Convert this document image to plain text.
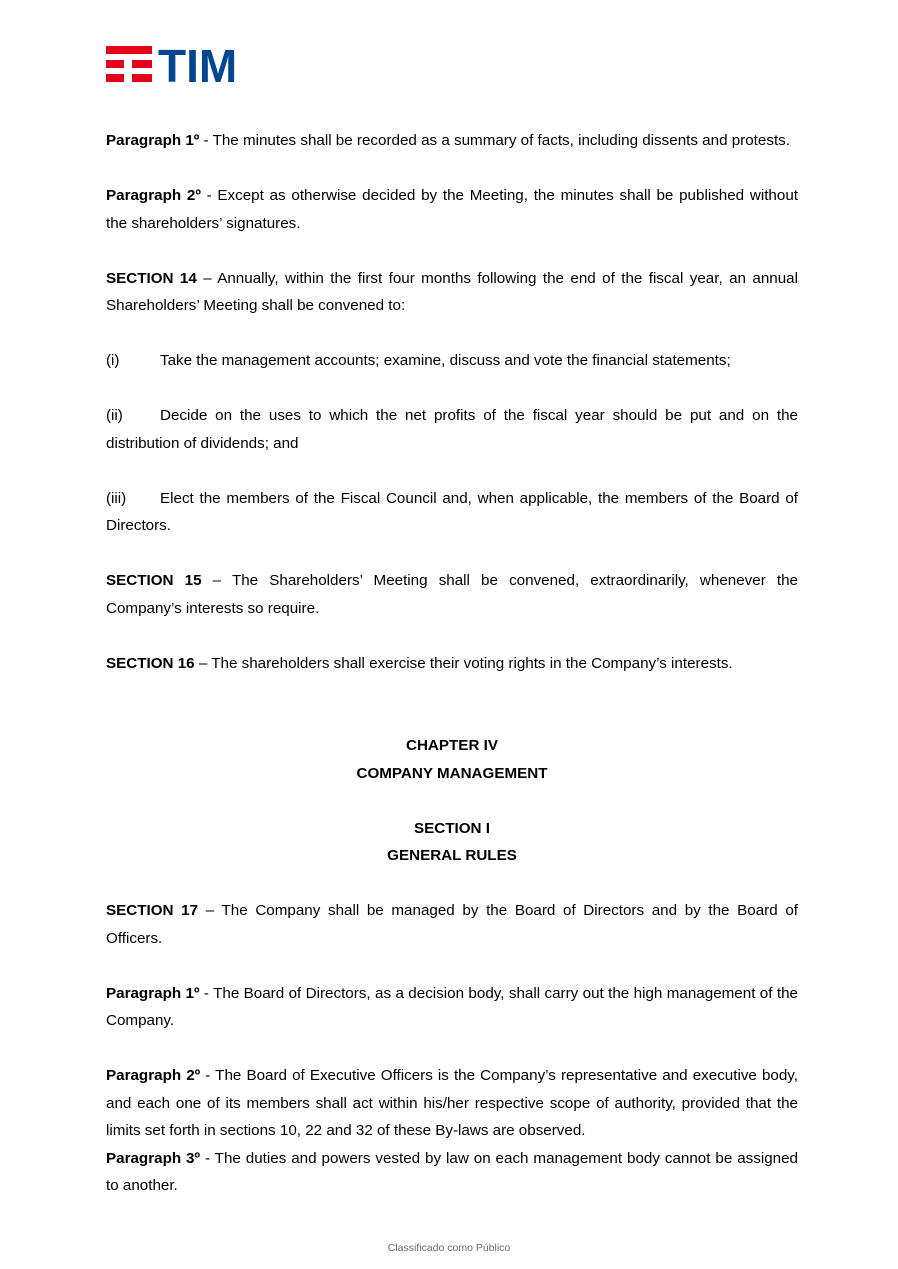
TIM

Paragraph 1º - The minutes shall be recorded as a summary of facts, including dissents and protests.

Paragraph 2º - Except as otherwise decided by the Meeting, the minutes shall be published without the shareholders’ signatures.

SECTION 14 – Annually, within the first four months following the end of the fiscal year, an annual Shareholders’ Meeting shall be convened to:

(i)	Take the management accounts; examine, discuss and vote the financial statements;

(ii) Decide on the uses to which the net profits of the fiscal year should be put and on the distribution of dividends; and

(iii) Elect the members of the Fiscal Council and, when applicable, the members of the Board of Directors.

SECTION 15 – The Shareholders’ Meeting shall be convened, extraordinarily, whenever the Company’s interests so require.

SECTION 16 – The shareholders shall exercise their voting rights in the Company’s interests.

CHAPTER IV

COMPANY MANAGEMENT

SECTION I

GENERAL RULES

SECTION 17 – The Company shall be managed by the Board of Directors and by the Board of Officers.

Paragraph 1º - The Board of Directors, as a decision body, shall carry out the high management of the Company.

Paragraph 2º - The Board of Executive Officers is the Company’s representative and executive body, and each one of its members shall act within his/her respective scope of authority, provided that the limits set forth in sections 10, 22 and 32 of these By-laws are observed.

Paragraph 3º - The duties and powers vested by law on each management body cannot be assigned to another.

Classificado como Público
